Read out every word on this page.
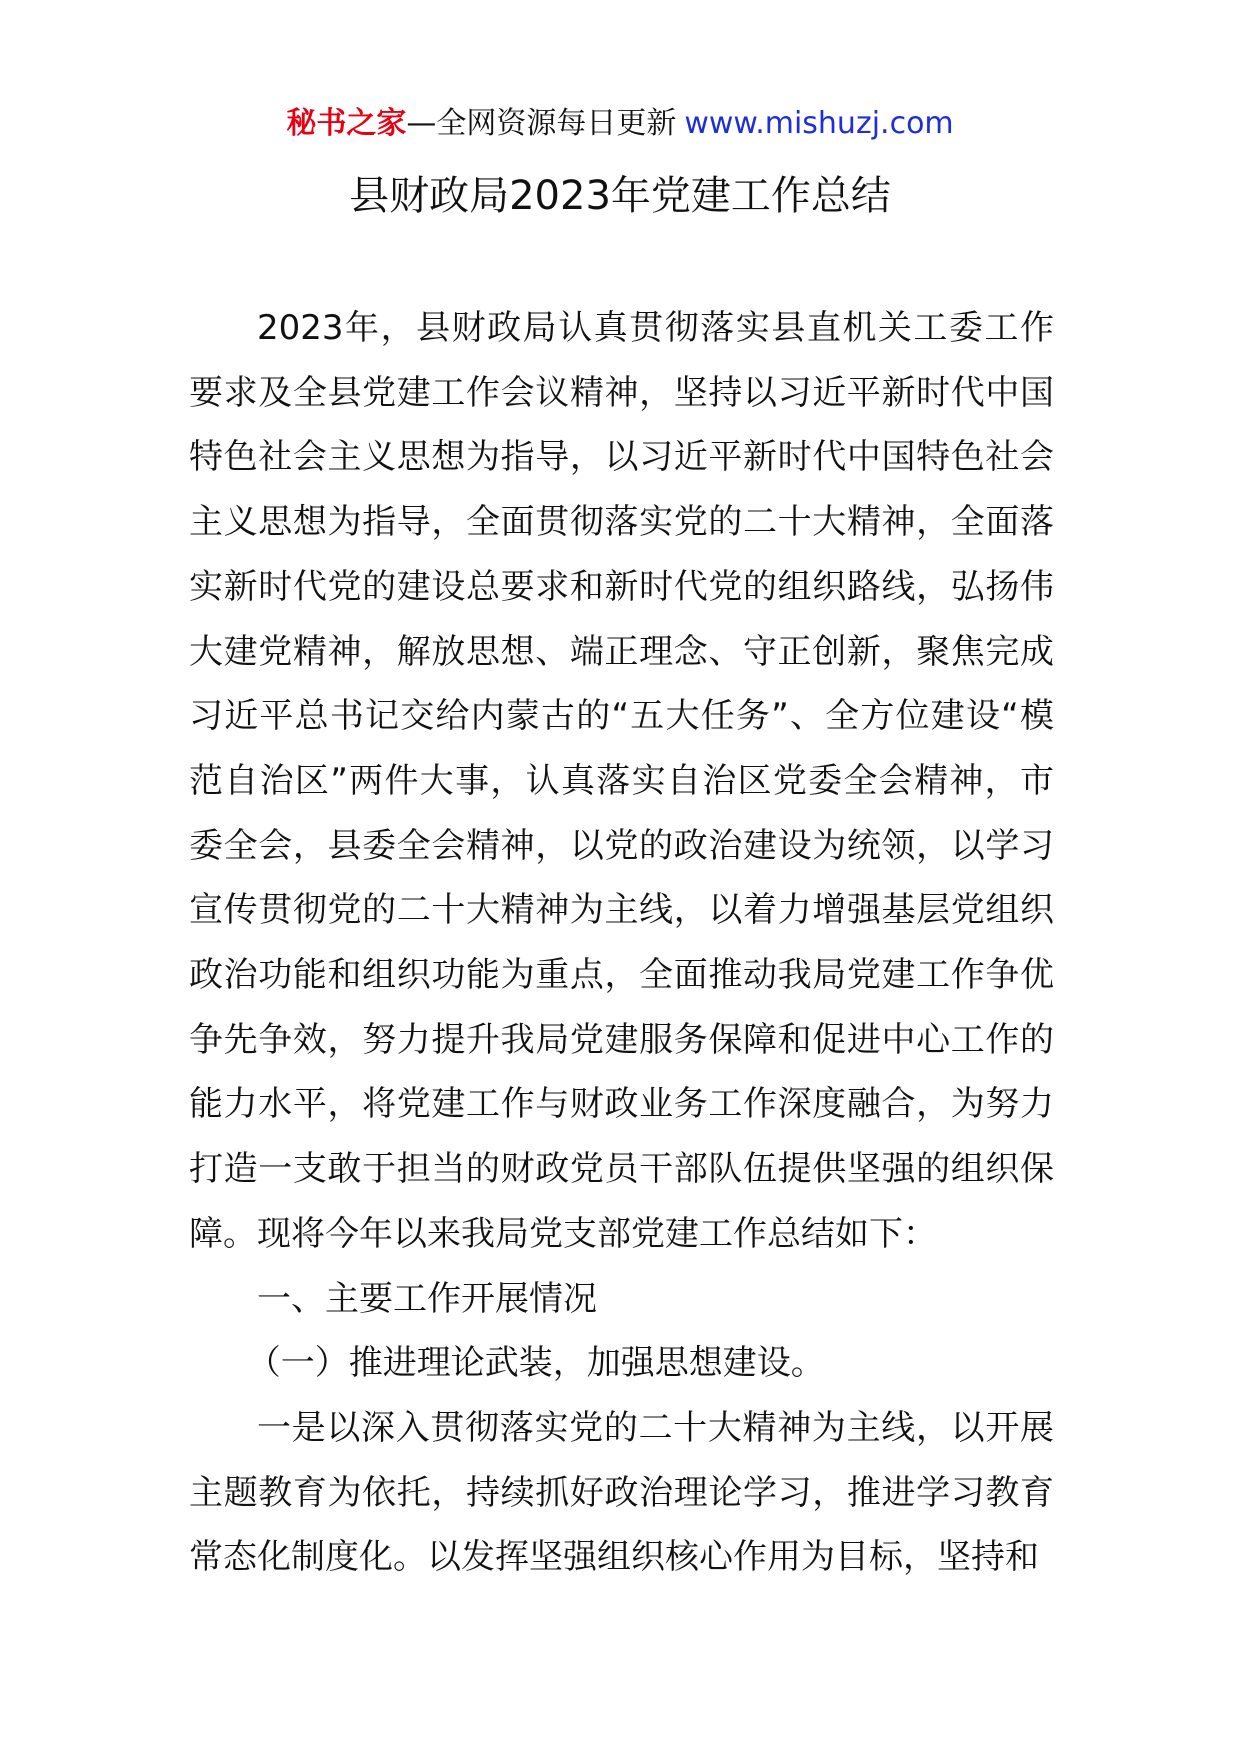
秘书之家—全网资源每日更新 www.mishuzj.com
县财政局2023年党建工作总结

2023年，县财政局认真贯彻落实县直机关工委工作要求及全县党建工作会议精神，坚持以习近平新时代中国特色社会主义思想为指导，以习近平新时代中国特色社会主义思想为指导，全面贯彻落实党的二十大精神，全面落实新时代党的建设总要求和新时代党的组织路线，弘扬伟大建党精神，解放思想、端正理念、守正创新，聚焦完成习近平总书记交给内蒙古的“五大任务”、全方位建设“模范自治区”两件大事，认真落实自治区党委全会精神，市委全会，县委全会精神，以党的政治建设为统领，以学习宣传贯彻党的二十大精神为主线，以着力增强基层党组织政治功能和组织功能为重点，全面推动我局党建工作争优争先争效，努力提升我局党建服务保障和促进中心工作的能力水平，将党建工作与财政业务工作深度融合，为努力打造一支敢于担当的财政党员干部队伍提供坚强的组织保障。现将今年以来我局党支部党建工作总结如下：

一、主要工作开展情况

（一）推进理论武装，加强思想建设。

一是以深入贯彻落实党的二十大精神为主线，以开展主题教育为依托，持续抓好政治理论学习，推进学习教育常态化制度化。以发挥坚强组织核心作用为目标，坚持和
